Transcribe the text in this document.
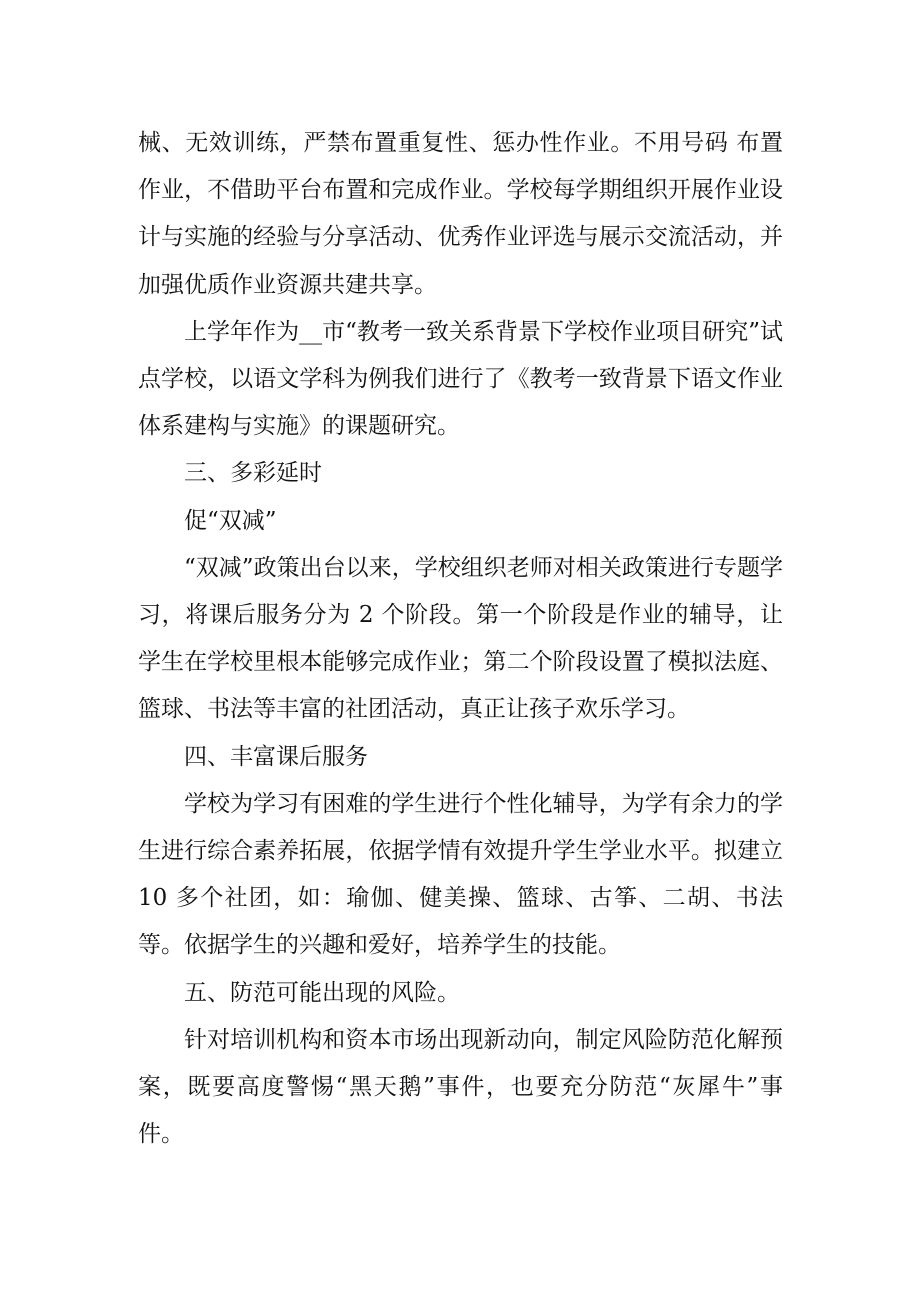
械、无效训练，严禁布置重复性、惩办性作业。不用号码 布置作业，不借助平台布置和完成作业。学校每学期组织开展作业设计与实施的经验与分享活动、优秀作业评选与展示交流活动，并加强优质作业资源共建共享。

上学年作为__市“教考一致关系背景下学校作业项目研究”试点学校，以语文学科为例我们进行了《教考一致背景下语文作业体系建构与实施》的课题研究。

三、多彩延时

促“双减”

“双减”政策出台以来，学校组织老师对相关政策进行专题学习，将课后服务分为 2 个阶段。第一个阶段是作业的辅导，让学生在学校里根本能够完成作业；第二个阶段设置了模拟法庭、篮球、书法等丰富的社团活动，真正让孩子欢乐学习。

四、丰富课后服务

学校为学习有困难的学生进行个性化辅导，为学有余力的学生进行综合素养拓展，依据学情有效提升学生学业水平。拟建立 10 多个社团，如：瑜伽、健美操、篮球、古筝、二胡、书法等。依据学生的兴趣和爱好，培养学生的技能。

五、防范可能出现的风险。

针对培训机构和资本市场出现新动向，制定风险防范化解预案，既要高度警惕“黑天鹅”事件，也要充分防范“灰犀牛”事件。
